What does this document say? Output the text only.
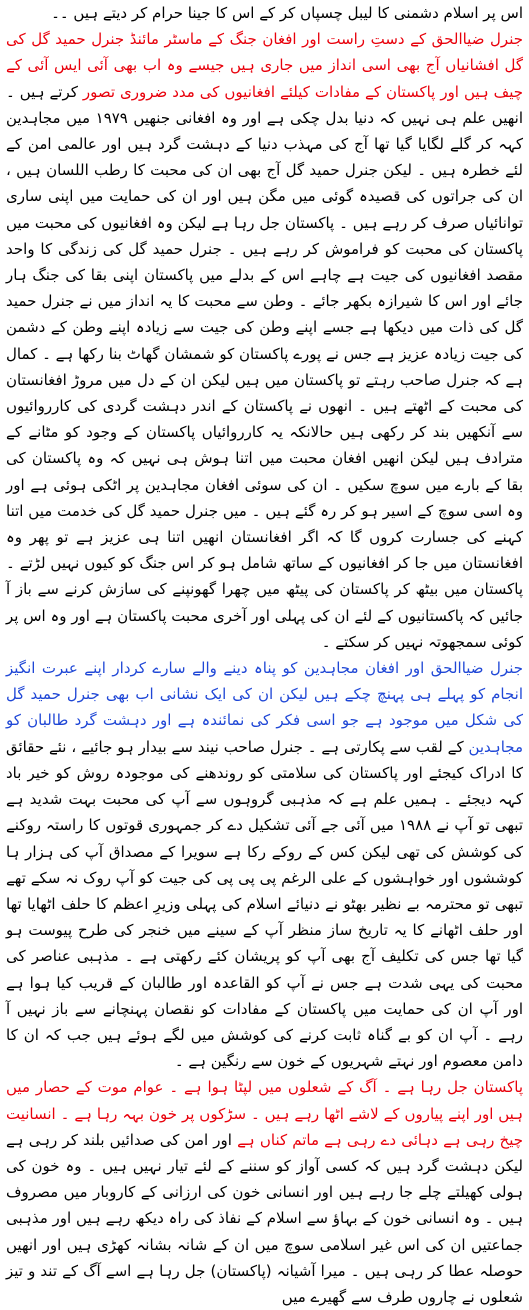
اس پر اسلام دشمنی کا لیبل چسپاں کر کے اس کا جینا حرام کر دیتے ہیں ۔۔

جنرل ضیاالحق کے دستِ راست اور افغان جنگ کے ماسٹر مائنڈ جنرل حمید گل کی گل افشانیاں آج بھی اسی انداز میں جاری ہیں جیسے وہ اب بھی آئی ایس آئی کے چیف ہیں اور پاکستان کے مفادات کیلئے افغانیوں کی مدد ضروری تصور کرتے ہیں ۔ انھیں علم ہی نہیں کہ دنیا بدل چکی ہے اور وہ افغانی جنھیں ۱۹۷۹ میں مجاہدین کہہ کر گلے لگایا گیا تھا آج کی مہذب دنیا کے دہشت گرد ہیں اور عالمی امن کے لئے خطرہ ہیں ۔ لیکن جنرل حمید گل آج بھی ان کی محبت کا رطب اللسان ہیں ، ان کی جراتوں کی قصیدہ گوئی میں مگن ہیں اور ان کی حمایت میں اپنی ساری توانائیاں صرف کر رہے ہیں ۔ پاکستان جل رہا ہے لیکن وہ افغانیوں کی محبت میں پاکستان کی محبت کو فراموش کر رہے ہیں ۔ جنرل حمید گل کی زندگی کا واحد مقصد افغانیوں کی جیت ہے چاہے اس کے بدلے میں پاکستان اپنی بقا کی جنگ ہار جائے اور اس کا شیرازہ بکھر جائے ۔ وطن سے محبت کا یہ انداز میں نے جنرل حمید گل کی ذات میں دیکھا ہے جسے اپنے وطن کی جیت سے زیادہ اپنے وطن کے دشمن کی جیت زیادہ عزیز ہے جس نے پورے پاکستان کو شمشان گھاٹ بنا رکھا ہے ۔ کمال ہے کہ جنرل صاحب رہتے تو پاکستان میں ہیں لیکن ان کے دل میں مروڑ افغانستان کی محبت کے اٹھتے ہیں ۔ انھوں نے پاکستان کے اندر دہشت گردی کی کارروائیوں سے آنکھیں بند کر رکھی ہیں حالانکہ یہ کارروائیاں پاکستان کے وجود کو مٹانے کے مترادف ہیں لیکن انھیں افغان محبت میں اتنا ہوش ہی نہیں کہ وہ پاکستان کی بقا کے بارے میں سوچ سکیں ۔ ان کی سوئی افغان مجاہدین پر اٹکی ہوئی ہے اور وہ اسی سوچ کے اسیر ہو کر رہ گئے ہیں ۔ میں جنرل حمید گل کی خدمت میں اتنا کہنے کی جسارت کروں گا کہ اگر افغانستان انھیں اتنا ہی عزیز ہے تو پھر وہ افغانستان میں جا کر افغانیوں کے ساتھ شامل ہو کر اس جنگ کو کیوں نہیں لڑتے ۔ پاکستان میں بیٹھ کر پاکستان کی پیٹھ میں چھرا گھونپنے کی سازش کرنے سے باز آ جائیں کہ پاکستانیوں کے لئے ان کی پہلی اور آخری محبت پاکستان ہے اور وہ اس پر کوئی سمجھوتہ نہیں کر سکتے ۔

جنرل ضیاالحق اور افغان مجاہدین کو پناہ دینے والے سارے کردار اپنے عبرت انگیز انجام کو پہلے ہی پہنچ چکے ہیں لیکن ان کی ایک نشانی اب بھی جنرل حمید گل کی شکل میں موجود ہے جو اسی فکر کی نمائندہ ہے اور دہشت گرد طالبان کو مجاہدین کے لقب سے پکارتی ہے ۔ جنرل صاحب نیند سے بیدار ہو جائیے ، نئے حقائق کا ادراک کیجئے اور پاکستان کی سلامتی کو روندھنے کی موجودہ روش کو خیر باد کہہ دیجئے ۔ ہمیں علم ہے کہ مذہبی گروہوں سے آپ کی محبت بہت شدید ہے تبھی تو آپ نے ۱۹۸۸ میں آئی جے آئی تشکیل دے کر جمہوری قوتوں کا راستہ روکنے کی کوشش کی تھی لیکن کس کے روکے رکا ہے سویرا کے مصداق آپ کی ہزار ہا کوششوں اور خواہشوں کے علی الرغم پی پی پی کی جیت کو آپ روک نہ سکے تھے تبھی تو محترمہ بے نظیر بھٹو نے دنیائے اسلام کی پہلی وزیرِ اعظم کا حلف اٹھایا تھا اور حلف اٹھانے کا یہ تاریخ ساز منظر آپ کے سینے میں خنجر کی طرح پیوست ہو گیا تھا جس کی تکلیف آج بھی آپ کو پریشان کئے رکھتی ہے ۔ مذہبی عناصر کی محبت کی یہی شدت ہے جس نے آپ کو القاعدہ اور طالبان کے قریب کیا ہوا ہے اور آپ ان کی حمایت میں پاکستان کے مفادات کو نقصان پہنچانے سے باز نہیں آ رہے ۔ آپ ان کو بے گناہ ثابت کرنے کی کوشش میں لگے ہوئے ہیں جب کہ ان کا دامن معصوم اور نہتے شہریوں کے خون سے رنگین ہے ۔

پاکستان جل رہا ہے ۔ آگ کے شعلوں میں لپٹا ہوا ہے ۔ عوام موت کے حصار میں ہیں اور اپنے پیاروں کے لاشے اٹھا رہے ہیں ۔ سڑکوں پر خون بہہ رہا ہے ۔ انسانیت چیخ رہی ہے دہائی دے رہی ہے ماتم کناں ہے اور امن کی صدائیں بلند کر رہی ہے لیکن دہشت گرد ہیں کہ کسی آواز کو سننے کے لئے تیار نہیں ہیں ۔ وہ خون کی ہولی کھیلتے چلے جا رہے ہیں اور انسانی خون کی ارزانی کے کاروبار میں مصروف ہیں ۔ وہ انسانی خون کے بہاؤ سے اسلام کے نفاذ کی راہ دیکھ رہے ہیں اور مذہبی جماعتیں ان کی اس غیر اسلامی سوچ میں ان کے شانہ بشانہ کھڑی ہیں اور انھیں حوصلہ عطا کر رہی ہیں ۔ میرا آشیانہ (پاکستان) جل رہا ہے اسے آگ کے تند و تیز شعلوں نے چاروں طرف سے گھیرے میں
